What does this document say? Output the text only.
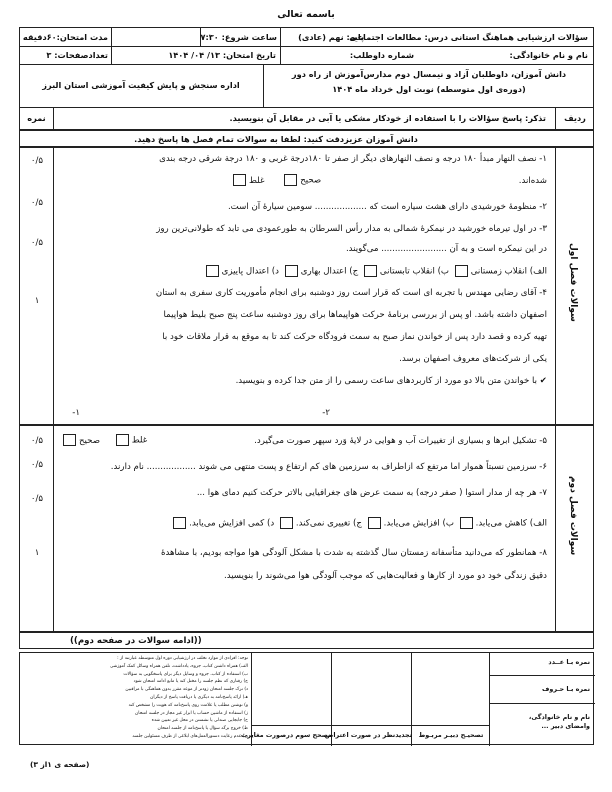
باسمه تعالی
سؤالات ارزشیابی هماهنگ استانی درس: مطالعات اجتماعی
پایه: نهم (عادی)
ساعت شروع: ۷:۳۰
مدت امتحان:۶۰دقیقه
نام و نام خانوادگی:
شماره داوطلب:
تاریخ امتحان: ۱۳/ ۰۴/ ۱۴۰۴
تعدادصفحات: ۳
دانش آموزان، داوطلبان آزاد و نیمسال دوم مدارس‌آموزش از راه دور
(دوره‌ی اول متوسطه) نوبت اول خرداد ماه ۱۴۰۴
اداره سنجش و پایش کیفیت آموزشی استان البرز
ردیف
تذکر: پاسخ سؤالات را با استفاده از خودکار مشکی یا آبی در مقابل آن بنویسید.
نمره
دانش آموزان عزیزدقت کنید: لطفا به سوالات تمام فصل ها پاسخ دهید.
سوالات فصل اول
۱- نصف النهار مبدأ ۱۸۰ درجه و نصف النهارهای دیگر از صفر تا ۱۸۰درجة غربی و ۱۸۰ درجة شرقی درجه بندی
شده‌اند.
صحیح غلط
۰/۵
۲- منظومهٔ خورشیدی دارای هشت سیاره است که ................... سومین سیارهٔ آن است.
۰/۵
۳- در اول تیرماه خورشید در نیمکرهٔ شمالی به مدار رأس السرطان به طورعمودی می تابد که طولانی‌ترین روز
در این نیمکره است و به آن ........................ می‌گویند.
۰/۵
الف) انقلاب زمستانی ب) انقلاب تابستانی ج) اعتدال بهاری د) اعتدال پاییزی
۴- آقای رضایی مهندس با تجربه ای است که قرار است روز دوشنبه برای انجام مأموریت کاری سفری به استان
اصفهان داشته باشد. او پس از بررسی برنامهٔ حرکت هواپیماها برای روز دوشنبه ساعت پنج صبح بلیط هواپیما
تهیه کرده و قصد دارد پس از خواندن نماز صبح به سمت فرودگاه حرکت کند تا به موقع به قرار ملاقات خود با
یکی از شرکت‌های معروف اصفهان برسد.
✔ با خواندن متن بالا دو مورد از کاربردهای ساعت رسمی را از متن جدا کرده و بنویسید.
۱
۱-	۲-
سوالات فصل دوم
۵- تشکیل ابرها و بسیاری از تغییرات آب و هوایی در لایهٔ وَرد سپهر صورت می‌گیرد.
غلط صحیح
۰/۵
۶- سرزمین نسبتاً هموار اما مرتفع که ازاطراف به سرزمین های کم ارتفاع و پست منتهی می شوند .................. نام دارند.
۰/۵
۷- هر چه از مدار استوا ( صفر درجه) به سمت عرض های جغرافیایی بالاتر حرکت کنیم دمای هوا ...
۰/۵
الف) کاهش می‌یابد. ب) افزایش می‌یابد. ج) تغییری نمی‌کند. د) کمی افزایش می‌یابد.
۸- همانطور که می‌دانید متأسفانه زمستان سال گذشته به شدت با مشکل آلودگی هوا مواجه بودیم، با مشاهدهٔ
دقیق زندگی خود دو مورد از کارها و فعالیت‌هایی که موجب آلودگی هوا می‌شوند را بنویسید.
۱
((ادامه سوالات در صفحه دوم))
توجه: افرادی از موارد تخلف در ارزشیابی دوره اول متوسطه عبارتند از :
الف) همراه داشتن کتاب، جزوه، یادداشت، تلفن همراه وسائل کمک آموزشی
ب) استفاده از کتاب، جزوه و وسایل دیگر برای پاسخگویی به سؤالات
ج) رفتاری که نظم جلسه را مختل کند یا مانع ادامه امتحان شود
د) ترک جلسه امتحان زودتر از موعد مقرر بدون هماهنگی با مراقبین
هـ) ارائه پاسخ‌نامه به دیگری یا دریافت پاسخ از دیگران
و) نوشتن مطلب یا علامت روی پاسخ‌نامه که هویت را مشخص کند
ز) استفاده از ماشین حساب یا ابزار غیر مجاز در جلسه امتحان
ح) جابجایی صندلی یا نشستن در محل غیر تعیین شده
ط) خروج برگه سؤال یا پاسخ‌نامه از جلسه امتحان
ی) عدم رعایت دستورالعمل‌های ابلاغی از طرف مسئولین جلسه
مصحح سوم درصورت مغایرت
تجدیدنظر در صورت اعتراض	تصحیـح دبیـر مربـوط
نمره بـا عــدد
نمره بـا حـروف
نام و نام خانوادگی،
وامضای دبیر ...
(صفحه ی ۱از ۳)
